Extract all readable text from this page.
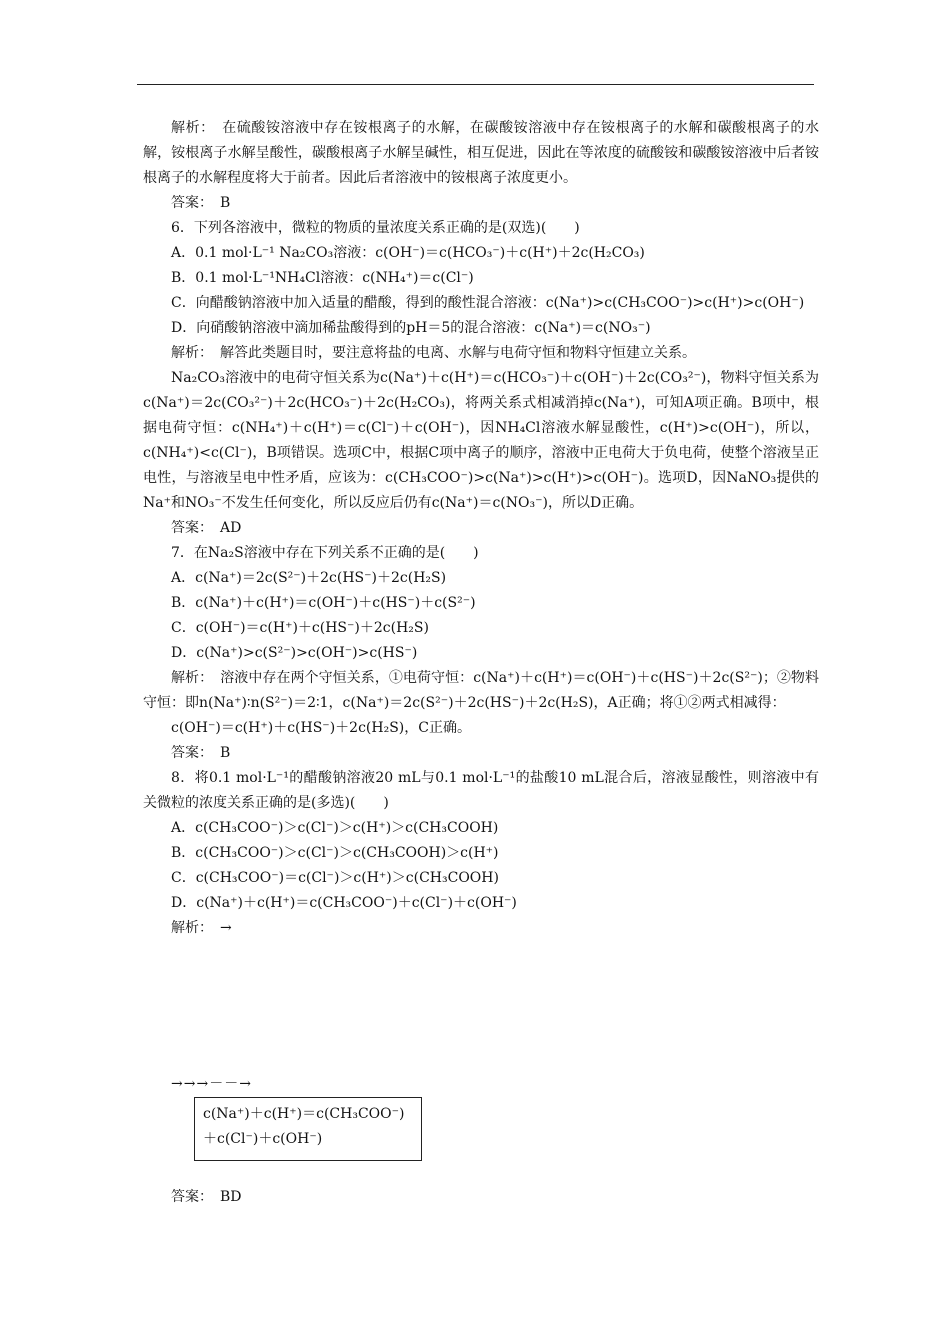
解析：　在硫酸铵溶液中存在铵根离子的水解，在碳酸铵溶液中存在铵根离子的水解和碳酸根离子的水解，铵根离子水解呈酸性，碳酸根离子水解呈碱性，相互促进，因此在等浓度的硫酸铵和碳酸铵溶液中后者铵根离子的水解程度将大于前者。因此后者溶液中的铵根离子浓度更小。

答案：　B

6．下列各溶液中，微粒的物质的量浓度关系正确的是(双选)(　　)

A．0.1 mol·L⁻¹ Na₂CO₃溶液：c(OH⁻)＝c(HCO₃⁻)＋c(H⁺)＋2c(H₂CO₃)

B．0.1 mol·L⁻¹NH₄Cl溶液：c(NH₄⁺)＝c(Cl⁻)

C．向醋酸钠溶液中加入适量的醋酸，得到的酸性混合溶液：c(Na⁺)>c(CH₃COO⁻)>c(H⁺)>c(OH⁻)

D．向硝酸钠溶液中滴加稀盐酸得到的pH＝5的混合溶液：c(Na⁺)＝c(NO₃⁻)

解析：　解答此类题目时，要注意将盐的电离、水解与电荷守恒和物料守恒建立关系。

Na₂CO₃溶液中的电荷守恒关系为c(Na⁺)＋c(H⁺)＝c(HCO₃⁻)＋c(OH⁻)＋2c(CO₃²⁻)，物料守恒关系为c(Na⁺)＝2c(CO₃²⁻)＋2c(HCO₃⁻)＋2c(H₂CO₃)，将两关系式相减消掉c(Na⁺)，可知A项正确。B项中，根据电荷守恒：c(NH₄⁺)＋c(H⁺)＝c(Cl⁻)＋c(OH⁻)，因NH₄Cl溶液水解显酸性，c(H⁺)>c(OH⁻)，所以，c(NH₄⁺)<c(Cl⁻)，B项错误。选项C中，根据C项中离子的顺序，溶液中正电荷大于负电荷，使整个溶液呈正电性，与溶液呈电中性矛盾，应该为：c(CH₃COO⁻)>c(Na⁺)>c(H⁺)>c(OH⁻)。选项D，因NaNO₃提供的Na⁺和NO₃⁻不发生任何变化，所以反应后仍有c(Na⁺)＝c(NO₃⁻)，所以D正确。

答案：　AD

7．在Na₂S溶液中存在下列关系不正确的是(　　)

A．c(Na⁺)＝2c(S²⁻)＋2c(HS⁻)＋2c(H₂S)

B．c(Na⁺)＋c(H⁺)＝c(OH⁻)＋c(HS⁻)＋c(S²⁻)

C．c(OH⁻)＝c(H⁺)＋c(HS⁻)＋2c(H₂S)

D．c(Na⁺)>c(S²⁻)>c(OH⁻)>c(HS⁻)

解析：　溶液中存在两个守恒关系，①电荷守恒：c(Na⁺)＋c(H⁺)＝c(OH⁻)＋c(HS⁻)＋2c(S²⁻)；②物料守恒：即n(Na⁺)∶n(S²⁻)＝2∶1，c(Na⁺)＝2c(S²⁻)＋2c(HS⁻)＋2c(H₂S)，A正确；将①②两式相减得：

c(OH⁻)＝c(H⁺)＋c(HS⁻)＋2c(H₂S)，C正确。

答案：　B

8．将0.1 mol·L⁻¹的醋酸钠溶液20 mL与0.1 mol·L⁻¹的盐酸10 mL混合后，溶液显酸性，则溶液中有关微粒的浓度关系正确的是(多选)(　　)

A．c(CH₃COO⁻)＞c(Cl⁻)＞c(H⁺)＞c(CH₃COOH)

B．c(CH₃COO⁻)＞c(Cl⁻)＞c(CH₃COOH)＞c(H⁺)

C．c(CH₃COO⁻)＝c(Cl⁻)＞c(H⁺)＞c(CH₃COOH)

D．c(Na⁺)＋c(H⁺)＝c(CH₃COO⁻)＋c(Cl⁻)＋c(OH⁻)

解析：　→

→→→－－→
c(Na⁺)＋c(H⁺)＝c(CH₃COO⁻)
＋c(Cl⁻)＋c(OH⁻)
答案：　BD
